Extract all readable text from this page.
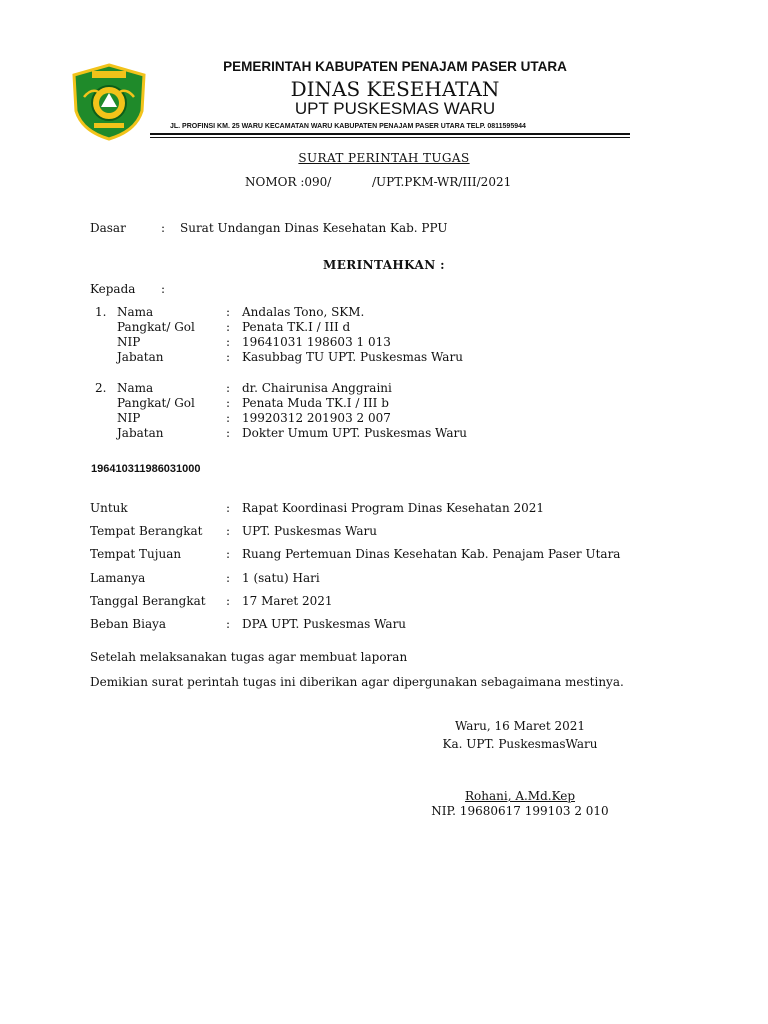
PEMERINTAH KABUPATEN PENAJAM PASER UTARA
DINAS KESEHATAN
UPT PUSKESMAS WARU
JL. PROFINSI KM. 25 WARU KECAMATAN WARU KABUPATEN PENAJAM PASER UTARA TELP. 0811595944
SURAT PERINTAH TUGAS
NOMOR :090/	/UPT.PKM-WR/III/2021
Dasar	: Surat Undangan Dinas Kesehatan Kab. PPU
MERINTAHKAN :
Kepada :
1. Nama	: Andalas Tono, SKM.
Pangkat/ Gol	: Penata TK.I / III d
NIP	: 19641031 198603 1 013
Jabatan	: Kasubbag TU UPT. Puskesmas Waru
2. Nama	: dr. Chairunisa Anggraini
Pangkat/ Gol	: Penata Muda TK.I / III b
NIP	: 19920312 201903 2 007
Jabatan	: Dokter Umum UPT. Puskesmas Waru
196410311986031000
Untuk	: Rapat Koordinasi Program Dinas Kesehatan 2021
Tempat Berangkat : UPT. Puskesmas Waru
Tempat Tujuan	: Ruang Pertemuan Dinas Kesehatan Kab. Penajam Paser Utara
Lamanya	: 1 (satu) Hari
Tanggal Berangkat : 17 Maret 2021
Beban Biaya	: DPA UPT. Puskesmas Waru
Setelah melaksanakan tugas agar membuat laporan
Demikian surat perintah tugas ini diberikan agar dipergunakan sebagaimana mestinya.
Waru, 16 Maret 2021
Ka. UPT. PuskesmasWaru
Rohani, A.Md.Kep
NIP. 19680617 199103 2 010
